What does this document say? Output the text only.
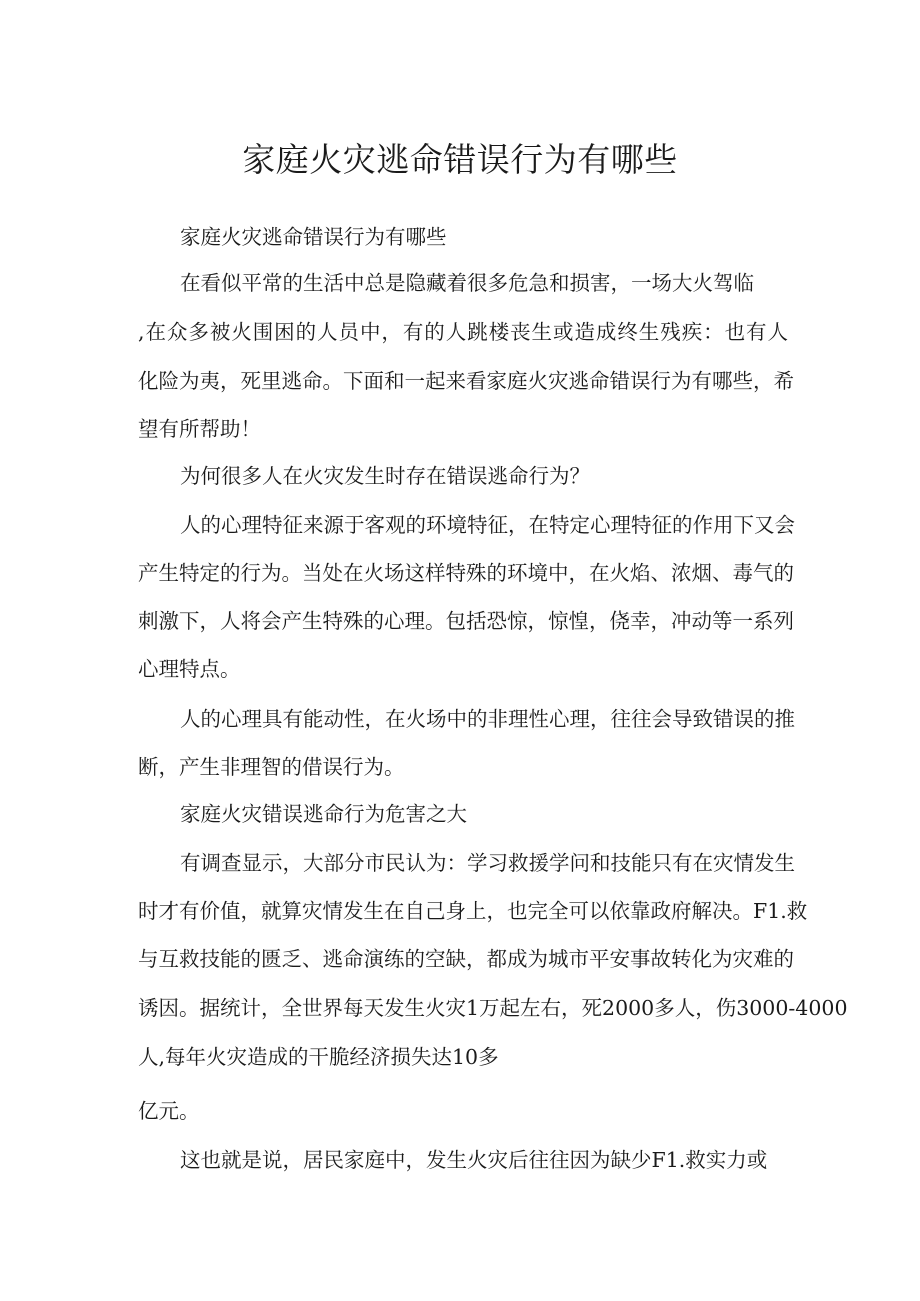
家庭火灾逃命错误行为有哪些
家庭火灾逃命错误行为有哪些
在看似平常的生活中总是隐藏着很多危急和损害，一场大火驾临
,在众多被火围困的人员中，有的人跳楼丧生或造成终生残疾：也有人
化险为夷，死里逃命。下面和一起来看家庭火灾逃命错误行为有哪些，希
望有所帮助！
为何很多人在火灾发生时存在错误逃命行为？
人的心理特征来源于客观的环境特征，在特定心理特征的作用下又会
产生特定的行为。当处在火场这样特殊的环境中，在火焰、浓烟、毒气的
刺激下，人将会产生特殊的心理。包括恐惊，惊惶，侥幸，冲动等一系列
心理特点。
人的心理具有能动性，在火场中的非理性心理，往往会导致错误的推
断，产生非理智的借误行为。
家庭火灾错误逃命行为危害之大
有调查显示，大部分市民认为：学习救援学问和技能只有在灾情发生
时才有价值，就算灾情发生在自己身上，也完全可以依靠政府解决。F1.救
与互救技能的匮乏、逃命演练的空缺，都成为城市平安事故转化为灾难的
诱因。据统计，全世界每天发生火灾1万起左右，死2000多人，伤3000-4000
人,每年火灾造成的干脆经济损失达10多
亿元。
这也就是说，居民家庭中，发生火灾后往往因为缺少F1.救实力或
